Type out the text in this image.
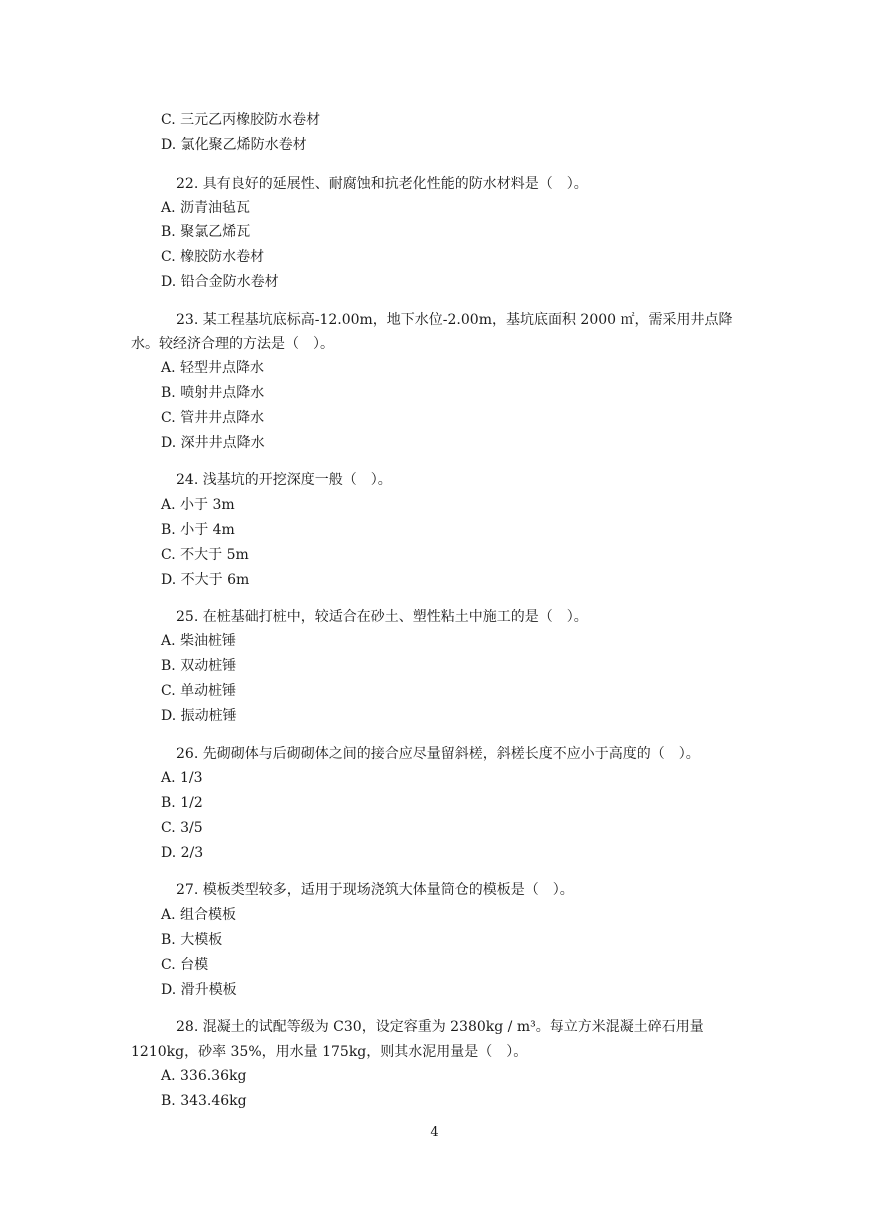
C. 三元乙丙橡胶防水卷材
D. 氯化聚乙烯防水卷材
22. 具有良好的延展性、耐腐蚀和抗老化性能的防水材料是（　）。
A. 沥青油毡瓦
B. 聚氯乙烯瓦
C. 橡胶防水卷材
D. 铅合金防水卷材
23. 某工程基坑底标高-12.00m，地下水位-2.00m，基坑底面积 2000 ㎡，需采用井点降
水。较经济合理的方法是（　）。
A. 轻型井点降水
B. 喷射井点降水
C. 管井井点降水
D. 深井井点降水
24. 浅基坑的开挖深度一般（　）。
A. 小于 3m
B. 小于 4m
C. 不大于 5m
D. 不大于 6m
25. 在桩基础打桩中，较适合在砂土、塑性粘土中施工的是（　）。
A. 柴油桩锤
B. 双动桩锤
C. 单动桩锤
D. 振动桩锤
26. 先砌砌体与后砌砌体之间的接合应尽量留斜槎，斜槎长度不应小于高度的（　）。
A. 1/3
B. 1/2
C. 3/5
D. 2/3
27. 模板类型较多，适用于现场浇筑大体量筒仓的模板是（　）。
A. 组合模板
B. 大模板
C. 台模
D. 滑升模板
28. 混凝土的试配等级为 C30，设定容重为 2380kg / m³。每立方米混凝土碎石用量
1210kg，砂率 35%，用水量 175kg，则其水泥用量是（　）。
A. 336.36kg
B. 343.46kg
4
